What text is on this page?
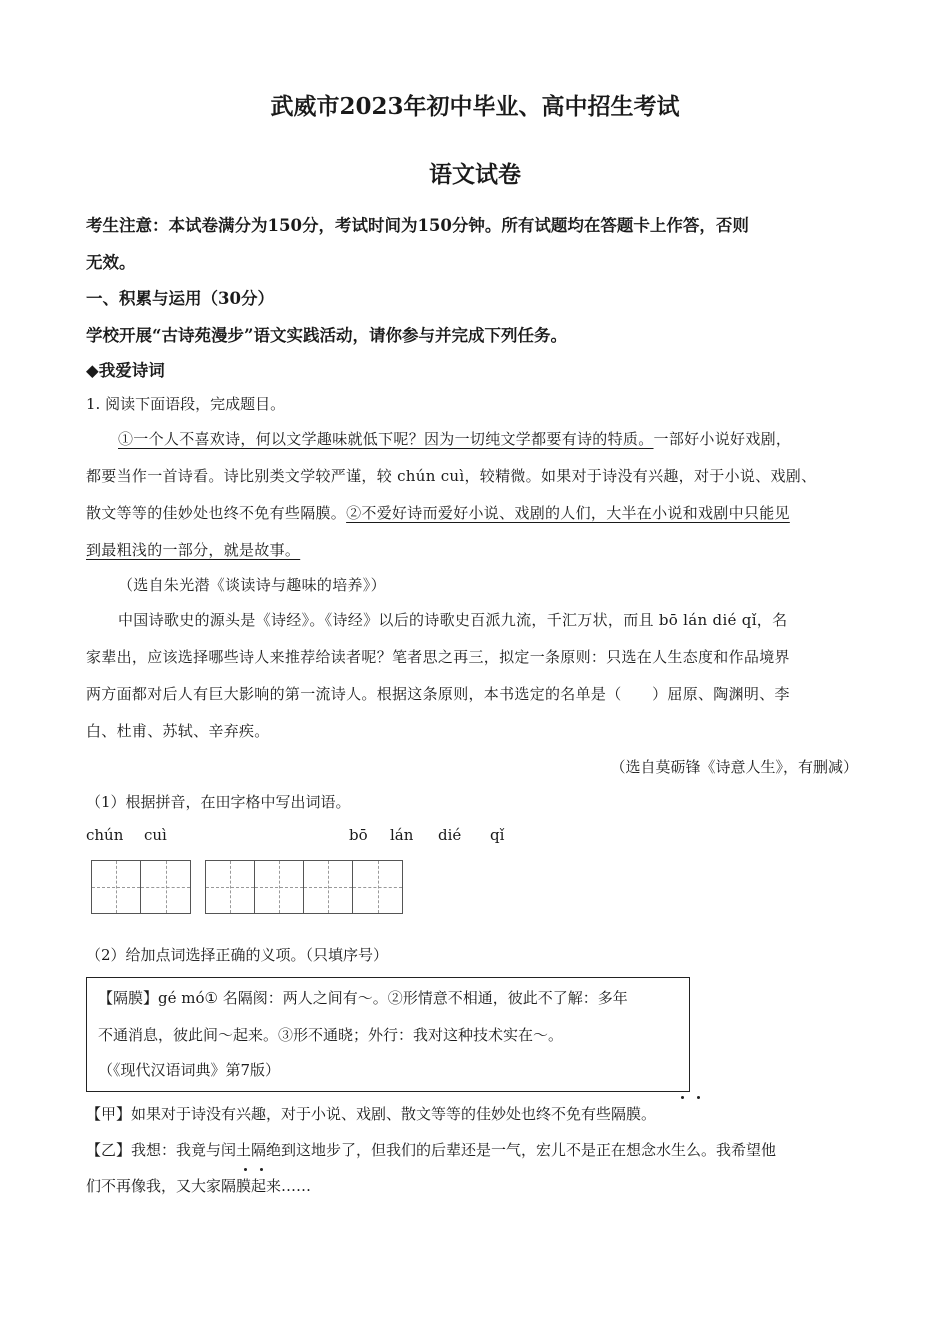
武威市2023年初中毕业、高中招生考试
语文试卷
考生注意：本试卷满分为150分，考试时间为150分钟。所有试题均在答题卡上作答，否则
无效。
一、积累与运用（30分）
学校开展“古诗苑漫步”语文实践活动，请你参与并完成下列任务。
◆我爱诗词
1. 阅读下面语段，完成题目。
①一个人不喜欢诗，何以文学趣味就低下呢？因为一切纯文学都要有诗的特质。一部好小说好戏剧，
都要当作一首诗看。诗比别类文学较严谨，较 chún cuì，较精微。如果对于诗没有兴趣，对于小说、戏剧、
散文等等的佳妙处也终不免有些隔膜。②不爱好诗而爱好小说、戏剧的人们，大半在小说和戏剧中只能见
到最粗浅的一部分，就是故事。
（选自朱光潜《谈读诗与趣味的培养》）
中国诗歌史的源头是《诗经》。《诗经》以后的诗歌史百派九流，千汇万状，而且 bō lán dié qǐ，名
家辈出，应该选择哪些诗人来推荐给读者呢？笔者思之再三，拟定一条原则：只选在人生态度和作品境界
两方面都对后人有巨大影响的第一流诗人。根据这条原则，本书选定的名单是（　　）屈原、陶渊明、李
白、杜甫、苏轼、辛弃疾。
（选自莫砺锋《诗意人生》，有删减）
（1）根据拼音，在田字格中写出词语。
chún cuì	bō lán dié qǐ
（2）给加点词选择正确的义项。（只填序号）
【隔膜】gé mó① 名隔阂：两人之间有～。②形情意不相通，彼此不了解：多年
不通消息，彼此间～起来。③形不通晓；外行：我对这种技术实在～。
（《现代汉语词典》第7版）
【甲】如果对于诗没有兴趣，对于小说、戏剧、散文等等的佳妙处也终不免有些隔膜。
【乙】我想：我竟与闰土隔绝到这地步了，但我们的后辈还是一气，宏儿不是正在想念水生么。我希望他
们不再像我，又大家隔膜起来……
